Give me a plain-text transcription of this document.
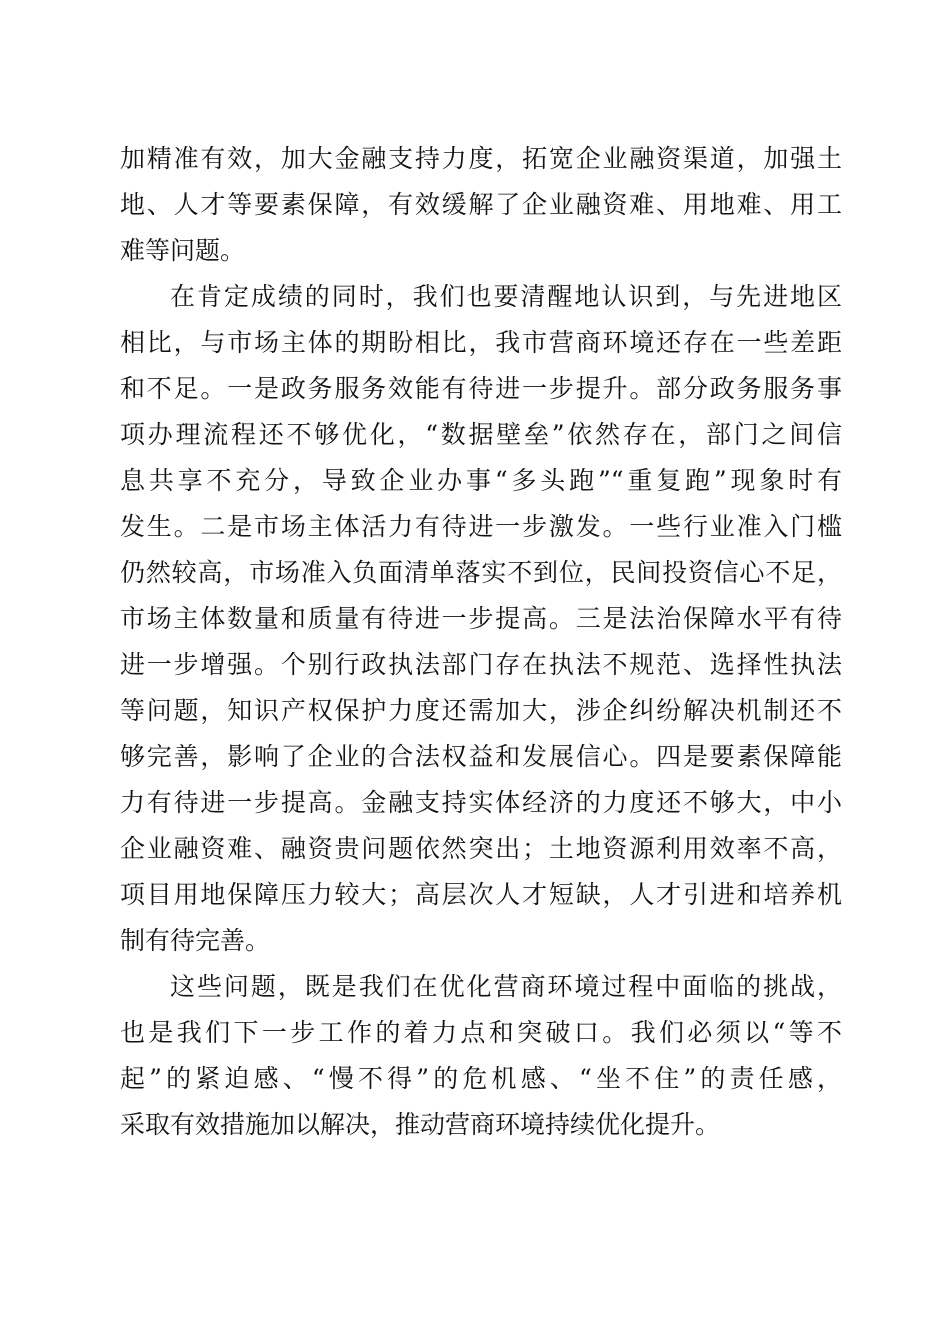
加精准有效，加大金融支持力度，拓宽企业融资渠道，加强土
地、人才等要素保障，有效缓解了企业融资难、用地难、用工
难等问题。
在肯定成绩的同时，我们也要清醒地认识到，与先进地区
相比，与市场主体的期盼相比，我市营商环境还存在一些差距
和不足。一是政务服务效能有待进一步提升。部分政务服务事
项办理流程还不够优化，“数据壁垒”依然存在，部门之间信
息共享不充分，导致企业办事“多头跑”“重复跑”现象时有
发生。二是市场主体活力有待进一步激发。一些行业准入门槛
仍然较高，市场准入负面清单落实不到位，民间投资信心不足，
市场主体数量和质量有待进一步提高。三是法治保障水平有待
进一步增强。个别行政执法部门存在执法不规范、选择性执法
等问题，知识产权保护力度还需加大，涉企纠纷解决机制还不
够完善，影响了企业的合法权益和发展信心。四是要素保障能
力有待进一步提高。金融支持实体经济的力度还不够大，中小
企业融资难、融资贵问题依然突出；土地资源利用效率不高，
项目用地保障压力较大；高层次人才短缺，人才引进和培养机
制有待完善。
这些问题，既是我们在优化营商环境过程中面临的挑战，
也是我们下一步工作的着力点和突破口。我们必须以“等不
起”的紧迫感、“慢不得”的危机感、“坐不住”的责任感，
采取有效措施加以解决，推动营商环境持续优化提升。
